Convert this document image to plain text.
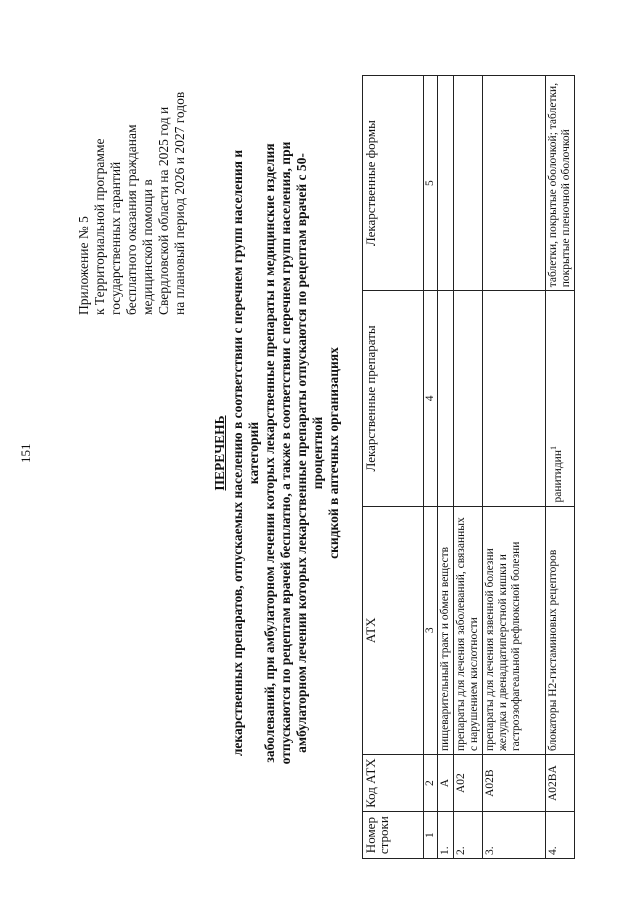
151
Приложение № 5 к Территориальной программе государственных гарантий бесплатного оказания гражданам медицинской помощи в Свердловской области на 2025 год и на плановый период 2026 и 2027 годов
ПЕРЕЧЕНЬ лекарственных препаратов, отпускаемых населению в соответствии с перечнем групп населения и категорий заболеваний, при амбулаторном лечении которых лекарственные препараты и медицинские изделия отпускаются по рецептам врачей бесплатно, а также в соответствии с перечнем групп населения, при амбулаторном лечении которых лекарственные препараты отпускаются по рецептам врачей с 50-процентной скидкой в аптечных организациях
Номер строки	Код АТХ	АТХ	Лекарственные препараты	Лекарственные формы
1	2	3	4	5
1.	A	пищеварительный тракт и обмен веществ		
2.	A02	препараты для лечения заболеваний, связанных с нарушением кислотности		
3.	A02B	препараты для лечения язвенной болезни желудка и двенадцатиперстной кишки и гастроэзофагеальной рефлюксной болезни		
4.	A02BA	блокаторы H2-гистаминовых рецепторов	ранитидин$^1$	таблетки, покрытые оболочкой; таблетки, покрытые пленочной оболочкой
